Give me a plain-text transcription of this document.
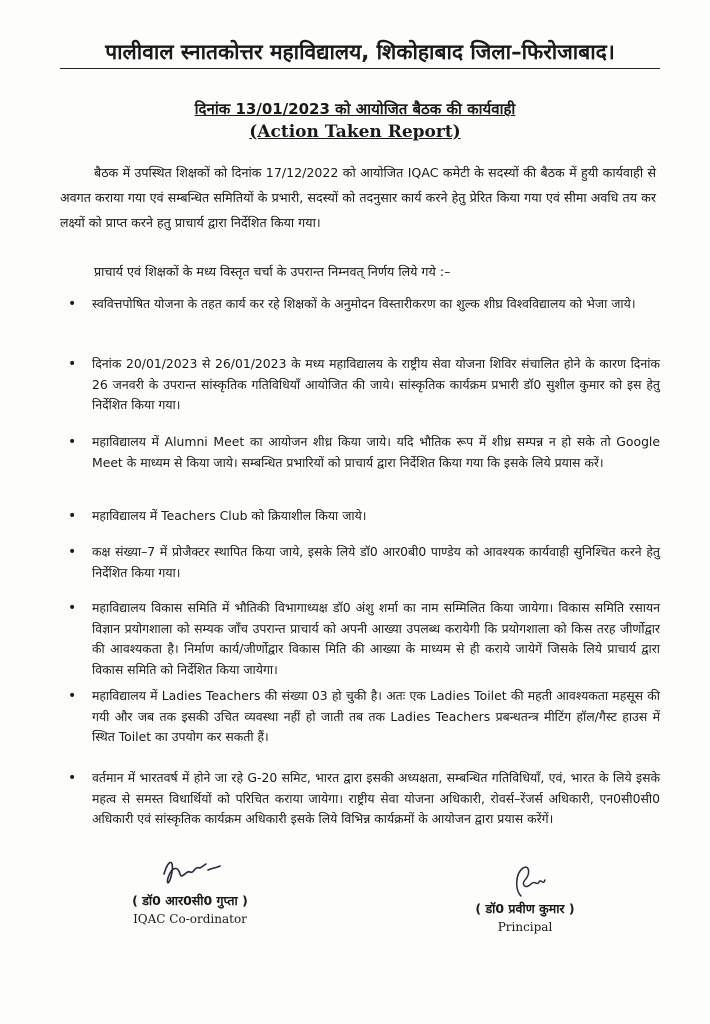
पालीवाल स्नातकोत्तर महाविद्यालय, शिकोहाबाद जिला–फिरोजाबाद।
दिनांक 13/01/2023 को आयोजित बैठक की कार्यवाही
(Action Taken Report)
बैठक में उपस्थित शिक्षकों को दिनांक 17/12/2022 को आयोजित IQAC कमेटी के सदस्यों की बैठक में हुयी कार्यवाही से अवगत कराया गया एवं सम्बन्धित समितियों के प्रभारी, सदस्यों को तदनुसार कार्य करने हेतु प्रेरित किया गया एवं सीमा अवधि तय कर लक्ष्यों को प्राप्त करने हतु प्राचार्य द्वारा निर्देशित किया गया।
प्राचार्य एवं शिक्षकों के मध्य विस्तृत चर्चा के उपरान्त निम्नवत् निर्णय लिये गये :–
•	स्ववित्तपोषित योजना के तहत कार्य कर रहे शिक्षकों के अनुमोदन विस्तारीकरण का शुल्क शीघ्र विश्वविद्यालय को भेजा जाये।
•	दिनांक 20/01/2023 से 26/01/2023 के मध्य महाविद्यालय के राष्ट्रीय सेवा योजना शिविर संचालित होने के कारण दिनांक 26 जनवरी के उपरान्त सांस्कृतिक गतिविधियाँ आयोजित की जाये। सांस्कृतिक कार्यक्रम प्रभारी डॉ0 सुशील कुमार को इस हेतु निर्देशित किया गया।
•	महाविद्यालय में Alumni Meet का आयोजन शीध्र किया जाये। यदि भौतिक रूप में शीध्र सम्पन्न न हो सके तो Google Meet के माध्यम से किया जाये। सम्बन्धित प्रभारियों को प्राचार्य द्वारा निर्देशित किया गया कि इसके लिये प्रयास करें।
•	महाविद्यालय में Teachers Club को क्रियाशील किया जाये।
•	कक्ष संख्या–7 में प्रोजैक्टर स्थापित किया जाये, इसके लिये डॉ0 आर0बी0 पाण्डेय को आवश्यक कार्यवाही सुनिश्चित करने हेतु निर्देशित किया गया।
•	महाविद्यालय विकास समिति में भौतिकी विभागाध्यक्ष डॉ0 अंशु शर्मा का नाम सम्मिलित किया जायेगा। विकास समिति रसायन विज्ञान प्रयोगशाला को सम्यक जाँच उपरान्त प्राचार्य को अपनी आख्या उपलब्ध करायेगी कि प्रयोगशाला को किस तरह जीर्णोद्वार की आवश्यकता है। निर्माण कार्य/जीर्णोद्वार विकास मिति की आख्या के माध्यम से ही कराये जायेगें जिसके लिये प्राचार्य द्वारा विकास समिति को निर्देशित किया जायेगा।
•	महाविद्यालय में Ladies Teachers की संख्या 03 हो चुकी है। अतः एक Ladies Toilet की महती आवश्यकता महसूस की गयी और जब तक इसकी उचित व्यवस्था नहीं हो जाती तब तक Ladies Teachers प्रबन्धतन्त्र मीटिंग हॉल/गैस्ट हाउस में स्थित Toilet का उपयोग कर सकती हैं।
•	वर्तमान में भारतवर्ष में होने जा रहे G-20 समिट, भारत द्वारा इसकी अध्यक्षता, सम्बन्धित गतिविधियाँ, एवं, भारत के लिये इसके महत्व से समस्त विधार्थियों को परिचित कराया जायेगा। राष्ट्रीय सेवा योजना अधिकारी, रोवर्स–रेंजर्स अधिकारी, एन0सी0सी0 अधिकारी एवं सांस्कृतिक कार्यक्रम अधिकारी इसके लिये विभिन्न कार्यक्रमों के आयोजन द्वारा प्रयास करेंगें।
( डॉ0 आर0सी0 गुप्ता )
IQAC Co-ordinator
( डॉ0 प्रवीण कुमार )
Principal
